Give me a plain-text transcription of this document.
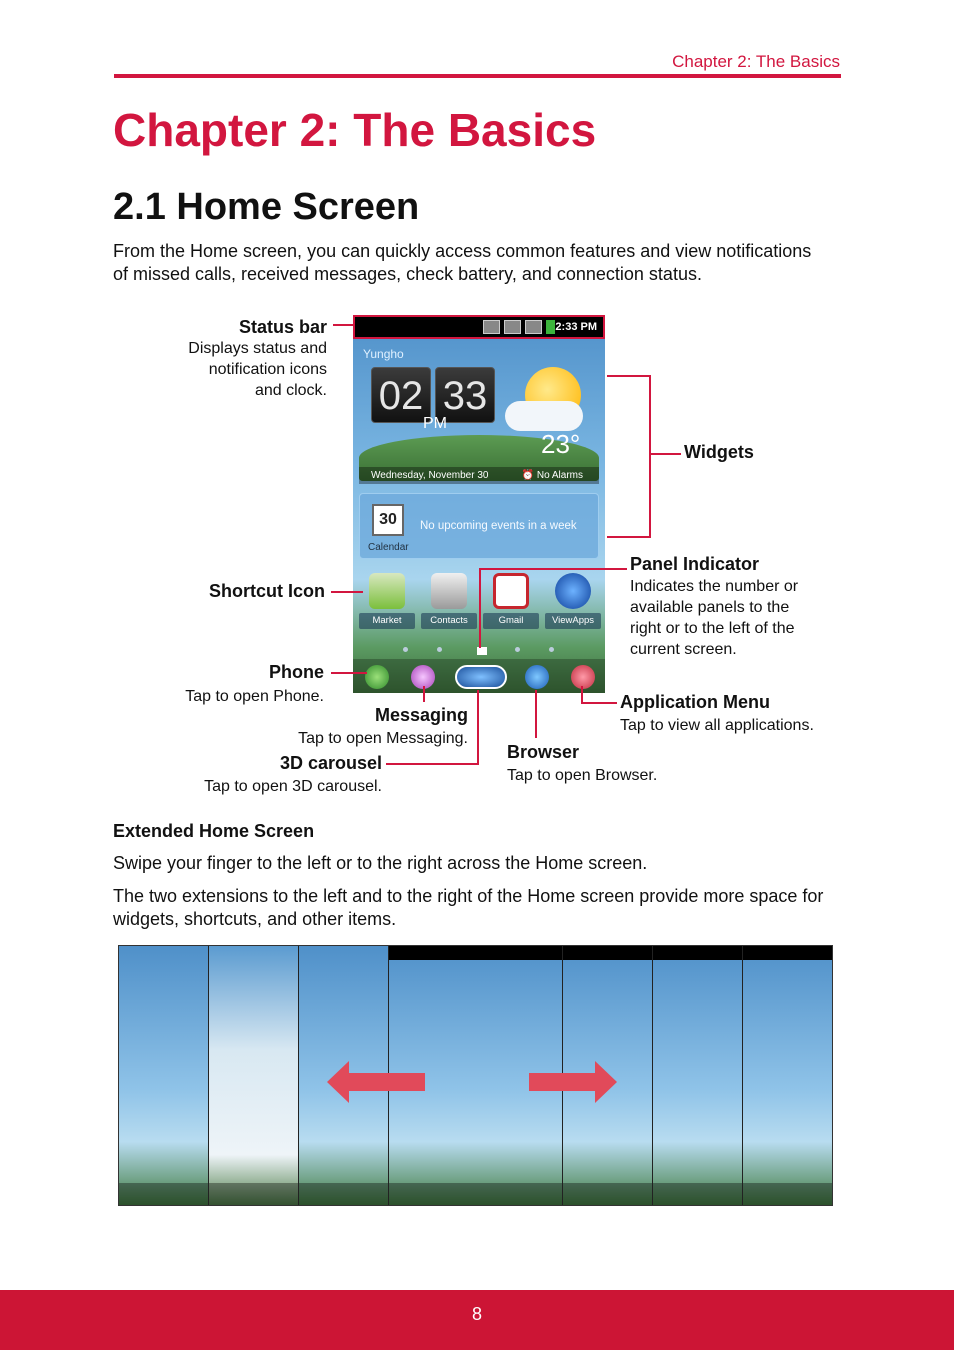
Chapter 2: The Basics
Chapter 2: The Basics
2.1 Home Screen

From the Home screen, you can quickly access common features and view notifications of missed calls, received messages, check battery, and connection status.

2:33 PM
Yungho
02 33
PM
23°
Wednesday, November 30	⏰ No Alarms
30
Calendar
No upcoming events in a week
Market	Contacts	Gmail	ViewApps
Status bar
Displays status and
notification icons
and clock.
Widgets
Shortcut Icon
Panel Indicator
Indicates the number or
available panels to the
right or to the left of the
current screen.
Phone
Tap to open Phone.	Application Menu
Tap to view all applications.
Messaging
Tap to open Messaging.
Browser
Tap to open Browser.
3D carousel
Tap to open 3D carousel.
Extended Home Screen
Swipe your finger to the left or to the right across the Home screen.
The two extensions to the left and to the right of the Home screen provide more space for widgets, shortcuts, and other items.
8
